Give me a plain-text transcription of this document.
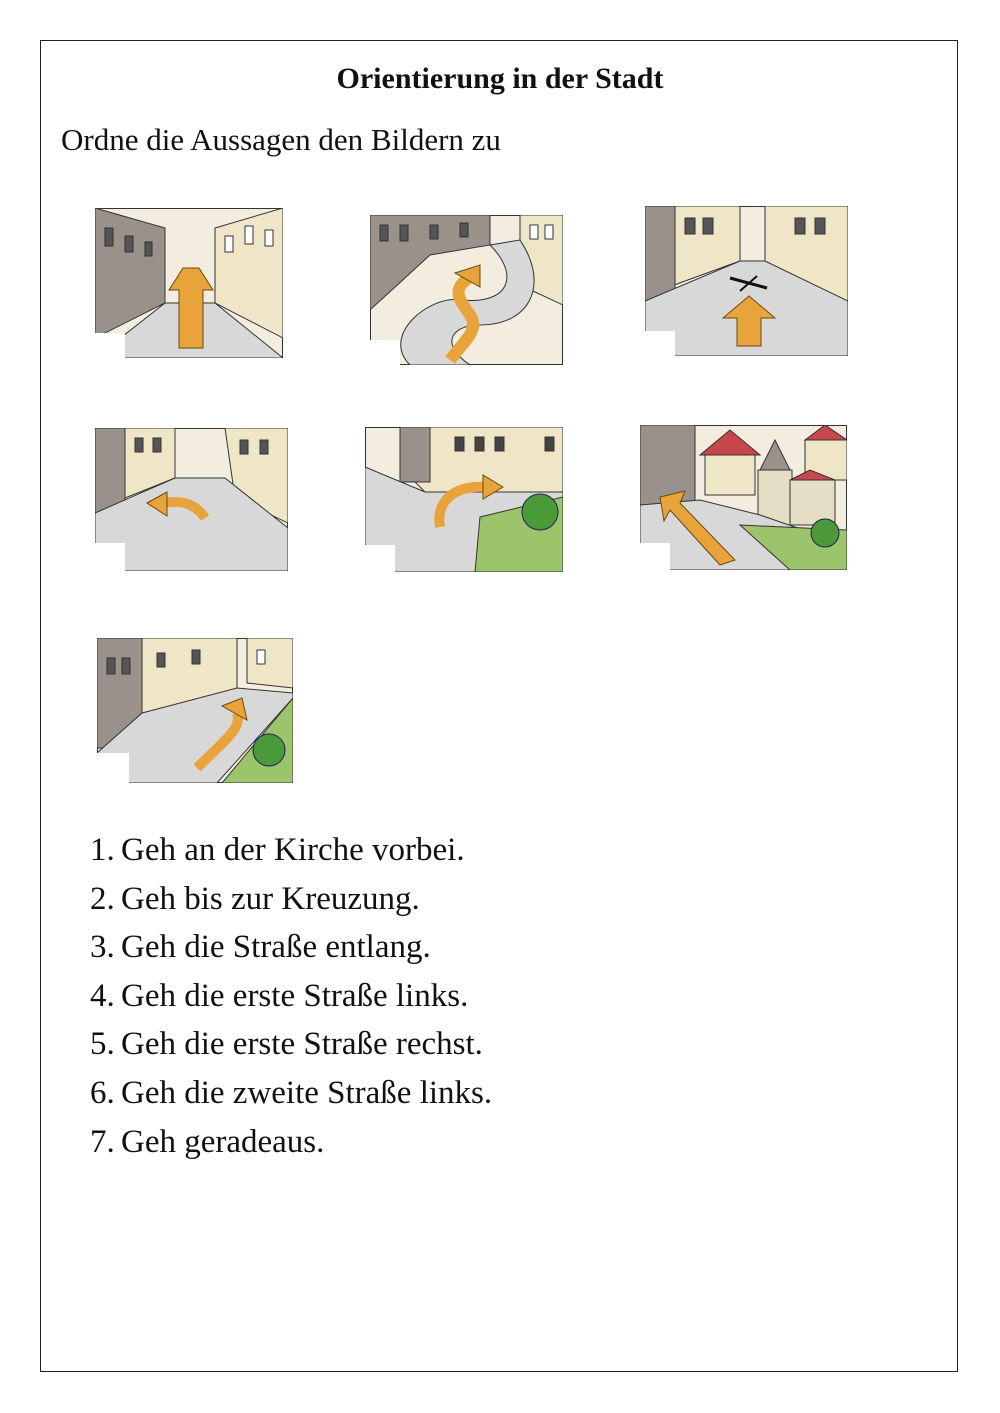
Orientierung in der Stadt
Ordne die Aussagen den Bildern zu
1. Geh an der Kirche vorbei.
2. Geh bis zur Kreuzung.
3. Geh die Straße entlang.
4. Geh die erste Straße links.
5. Geh die erste Straße rechst.
6. Geh die zweite Straße links.
7. Geh geradeaus.
